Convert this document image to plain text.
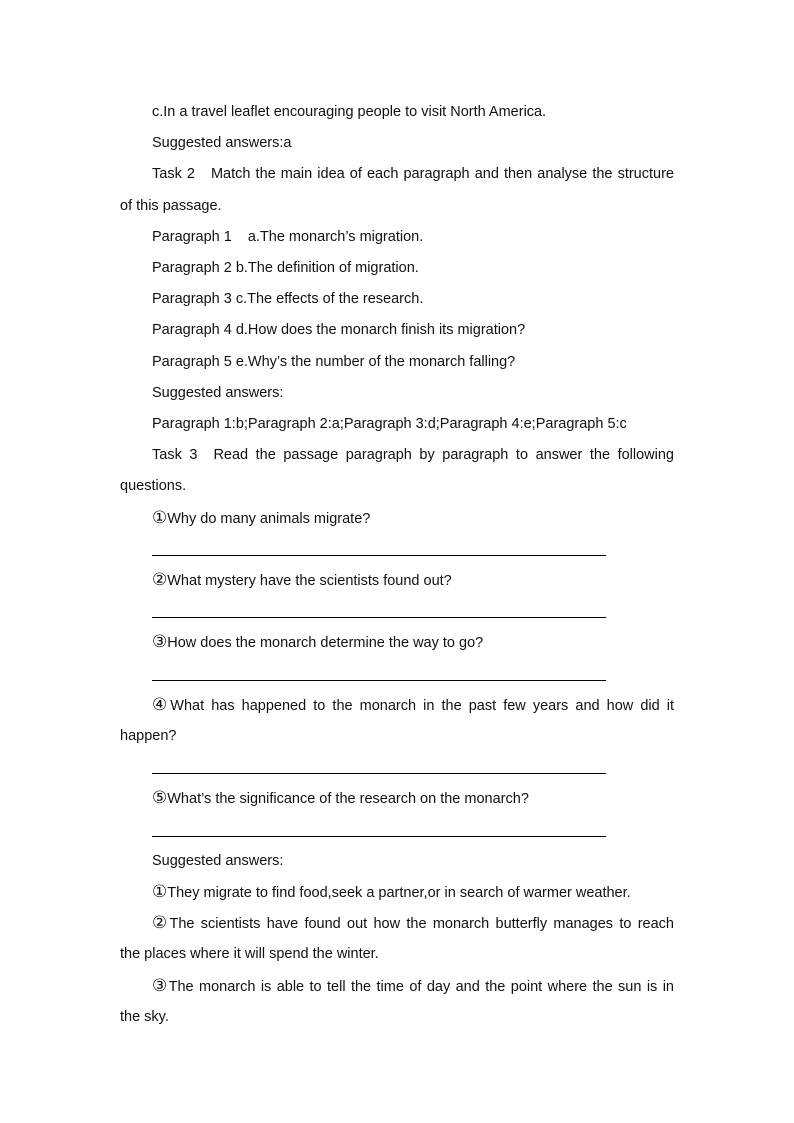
c.In a travel leaflet encouraging people to visit North America.
Suggested answers:a
Task 2 Match the main idea of each paragraph and then analyse the structure
of this passage.
Paragraph 1 a.The monarch’s migration.
Paragraph 2 b.The definition of migration.
Paragraph 3 c.The effects of the research.
Paragraph 4 d.How does the monarch finish its migration?
Paragraph 5 e.Why’s the number of the monarch falling?
Suggested answers:
Paragraph 1:b;Paragraph 2:a;Paragraph 3:d;Paragraph 4:e;Paragraph 5:c
Task 3 Read the passage paragraph by paragraph to answer the following
questions.
①Why do many animals migrate?
②What mystery have the scientists found out?
③How does the monarch determine the way to go?
④What has happened to the monarch in the past few years and how did it
happen?
⑤What’s the significance of the research on the monarch?
Suggested answers:
①They migrate to find food,seek a partner,or in search of warmer weather.
②The scientists have found out how the monarch butterfly manages to reach
the places where it will spend the winter.
③The monarch is able to tell the time of day and the point where the sun is in
the sky.
